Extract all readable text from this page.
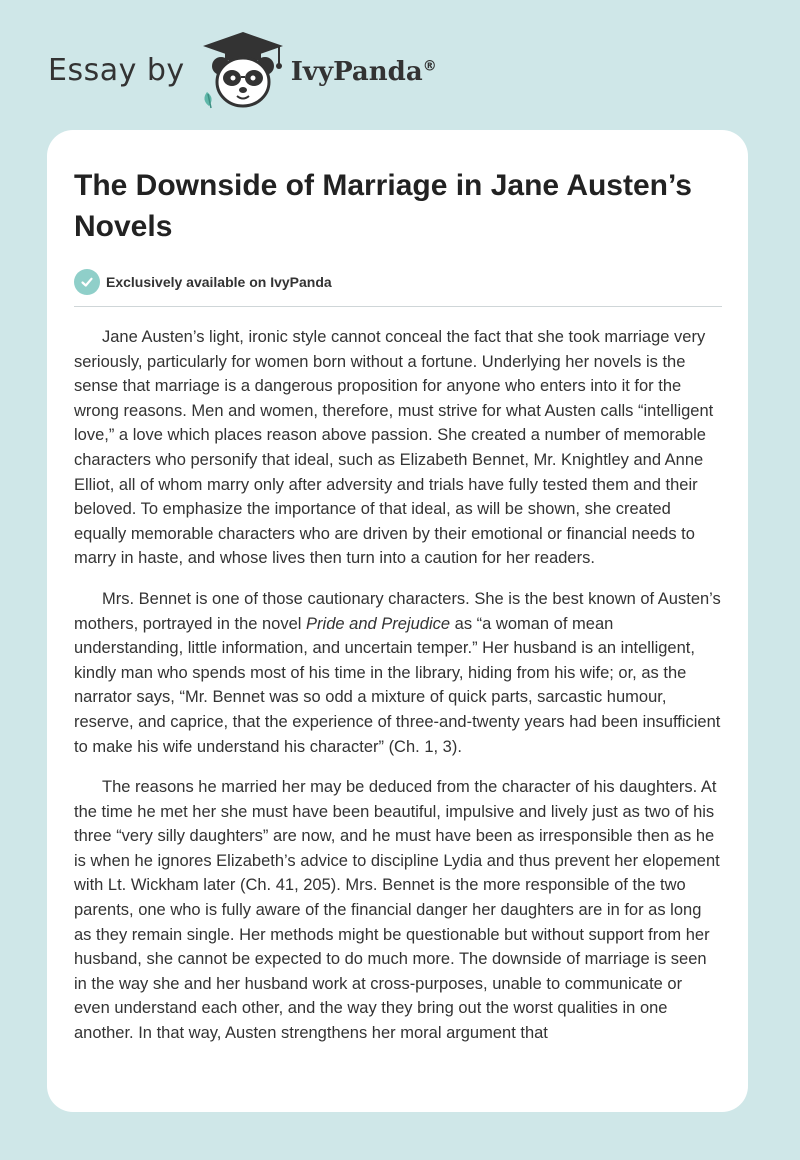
Essay by	IvyPanda®
The Downside of Marriage in Jane Austen’s Novels
Exclusively available on IvyPanda

Jane Austen’s light, ironic style cannot conceal the fact that she took marriage very seriously, particularly for women born without a fortune. Underlying her novels is the sense that marriage is a dangerous proposition for anyone who enters into it for the wrong reasons. Men and women, therefore, must strive for what Austen calls “intelligent love,” a love which places reason above passion. She created a number of memorable characters who personify that ideal, such as Elizabeth Bennet, Mr. Knightley and Anne Elliot, all of whom marry only after adversity and trials have fully tested them and their beloved. To emphasize the importance of that ideal, as will be shown, she created equally memorable characters who are driven by their emotional or financial needs to marry in haste, and whose lives then turn into a caution for her readers.

Mrs. Bennet is one of those cautionary characters. She is the best known of Austen’s mothers, portrayed in the novel Pride and Prejudice as “a woman of mean understanding, little information, and uncertain temper.” Her husband is an intelligent, kindly man who spends most of his time in the library, hiding from his wife; or, as the narrator says, “Mr. Bennet was so odd a mixture of quick parts, sarcastic humour, reserve, and caprice, that the experience of three-and-twenty years had been insufficient to make his wife understand his character” (Ch. 1, 3).

The reasons he married her may be deduced from the character of his daughters. At the time he met her she must have been beautiful, impulsive and lively just as two of his three “very silly daughters” are now, and he must have been as irresponsible then as he is when he ignores Elizabeth’s advice to discipline Lydia and thus prevent her elopement with Lt. Wickham later (Ch. 41, 205). Mrs. Bennet is the more responsible of the two parents, one who is fully aware of the financial danger her daughters are in for as long as they remain single. Her methods might be questionable but without support from her husband, she cannot be expected to do much more. The downside of marriage is seen in the way she and her husband work at cross-purposes, unable to communicate or even understand each other, and the way they bring out the worst qualities in one another. In that way, Austen strengthens her moral argument that
